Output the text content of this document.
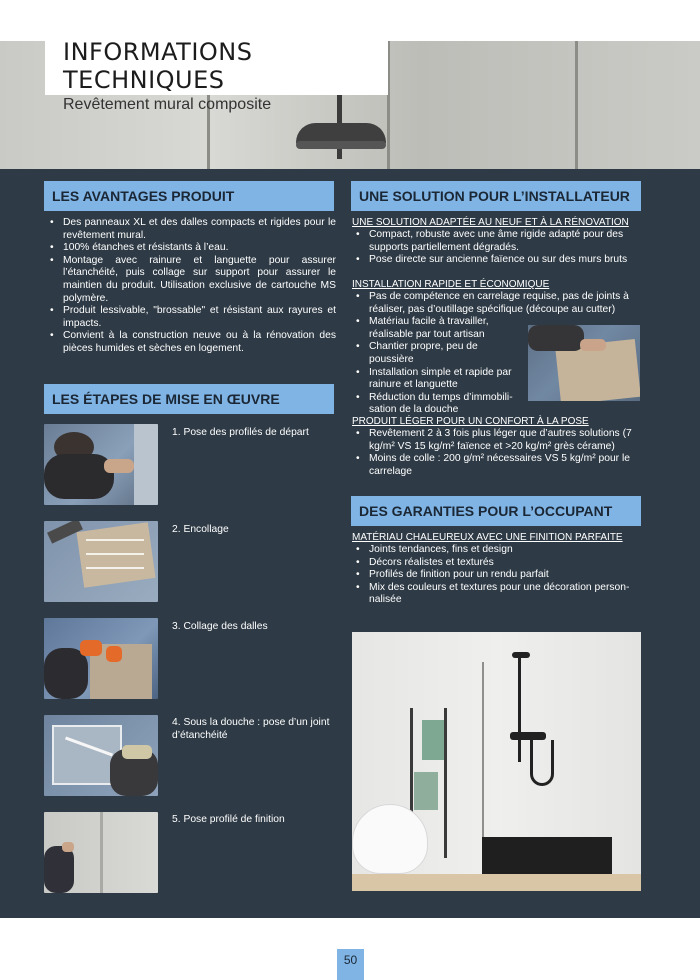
INFORMATIONS TECHNIQUES
Revêtement mural composite
LES AVANTAGES PRODUIT
• Des panneaux XL et des dalles compacts et rigides pour le revêtement mural.
• 100% étanches et résistants à l’eau.
• Montage avec rainure et languette pour assurer l’étanchéité, puis collage sur support pour assurer le maintien du produit. Utilisation exclusive de cartouche MS polymère.
• Produit lessivable, "brossable" et résistant aux rayures et impacts.
• Convient à la construction neuve ou à la rénovation des pièces humides et sèches en logement.
LES ÉTAPES DE MISE EN ŒUVRE
1. Pose des profilés de départ
2. Encollage
3. Collage des dalles
4. Sous la douche : pose d’un joint d’étanchéité
5. Pose profilé de finition
UNE SOLUTION POUR L’INSTALLATEUR
UNE SOLUTION ADAPTÉE AU NEUF ET À LA RÉNOVATION
• Compact, robuste avec une âme rigide adapté pour des supports partiellement dégradés.
• Pose directe sur ancienne faïence ou sur des murs bruts
INSTALLATION RAPIDE ET ÉCONOMIQUE
• Pas de compétence en carrelage requise, pas de joints à réaliser, pas d’outillage spécifique (découpe au cutter)
• Matériau facile à travailler, réalisable par tout artisan
• Chantier propre, peu de poussière
• Installation simple et rapide par rainure et languette
• Réduction du temps d’immobili-sation de la douche
PRODUIT LÉGER POUR UN CONFORT À LA POSE
• Revêtement 2 à 3 fois plus léger que d’autres solutions (7 kg/m² VS 15 kg/m² faïence et >20 kg/m² grès cérame)
• Moins de colle : 200 g/m² nécessaires VS 5 kg/m² pour le carrelage
DES GARANTIES POUR L’OCCUPANT
MATÉRIAU CHALEUREUX AVEC UNE FINITION PARFAITE
• Joints tendances, fins et design
• Décors réalistes et texturés
• Profilés de finition pour un rendu parfait
• Mix des couleurs et textures pour une décoration person-nalisée
50
